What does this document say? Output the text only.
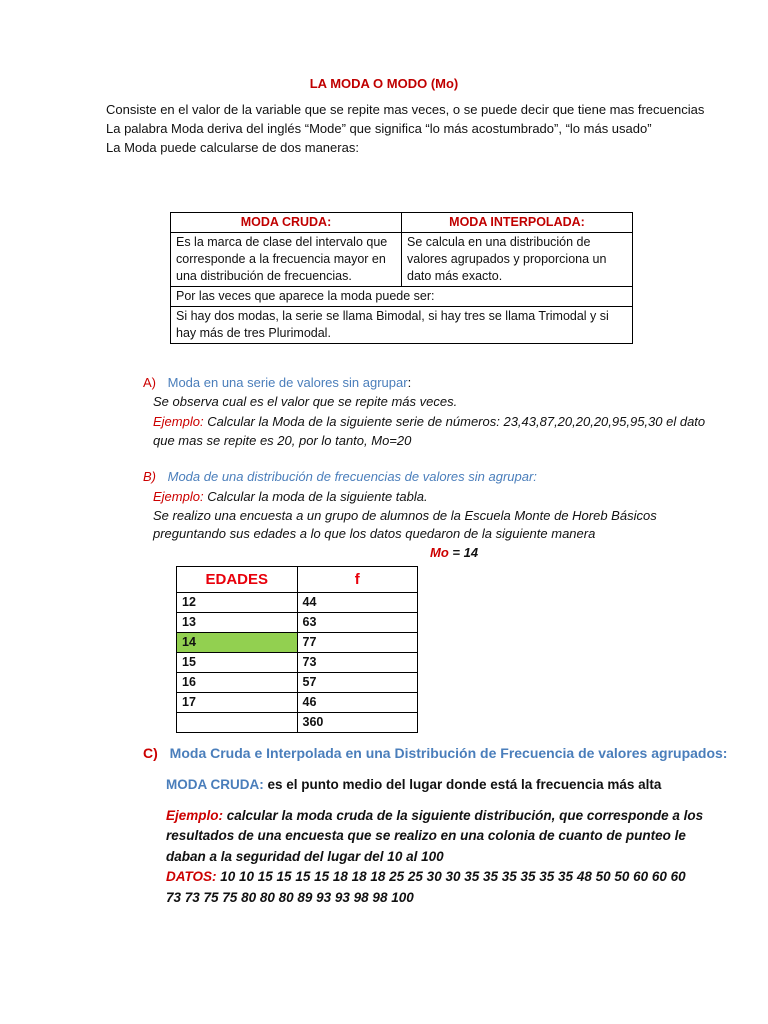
LA MODA O MODO (Mo)
Consiste en el valor de la variable que se repite mas veces, o se puede decir que tiene mas frecuencias
La palabra Moda deriva del inglés “Mode” que significa “lo más acostumbrado”, “lo más usado”
La Moda puede calcularse de dos maneras:
MODA CRUDA:	MODA INTERPOLADA:
Es la marca de clase del intervalo que corresponde a la frecuencia mayor en una distribución de frecuencias.	Se calcula en una distribución de valores agrupados y proporciona un dato más exacto.
Por las veces que aparece la moda puede ser:	
Si hay dos modas, la serie se llama Bimodal, si hay tres se llama Trimodal y si hay más de tres Plurimodal.	
A) Moda en una serie de valores sin agrupar:
Se observa cual es el valor que se repite más veces.
Ejemplo: Calcular la Moda de la siguiente serie de números: 23,43,87,20,20,20,95,95,30 el dato
que mas se repite es 20, por lo tanto, Mo=20
B) Moda de una distribución de frecuencias de valores sin agrupar:
Ejemplo: Calcular la moda de la siguiente tabla.
Se realizo una encuesta a un grupo de alumnos de la Escuela Monte de Horeb Básicos
preguntando sus edades a lo que los datos quedaron de la siguiente manera
Mo = 14
EDADES	f
12	44
13	63
14	77
15	73
16	57
17	46
	360
C) Moda Cruda e Interpolada en una Distribución de Frecuencia de valores agrupados:
MODA CRUDA: es el punto medio del lugar donde está la frecuencia más alta
Ejemplo: calcular la moda cruda de la siguiente distribución, que corresponde a los
resultados de una encuesta que se realizo en una colonia de cuanto de punteo le
daban a la seguridad del lugar del 10 al 100
DATOS: 10 10 15 15 15 15 18 18 18 25 25 30 30 35 35 35 35 35 35 48 50 50 60 60 60
73 73 75 75 80 80 80 89 93 93 98 98 100
